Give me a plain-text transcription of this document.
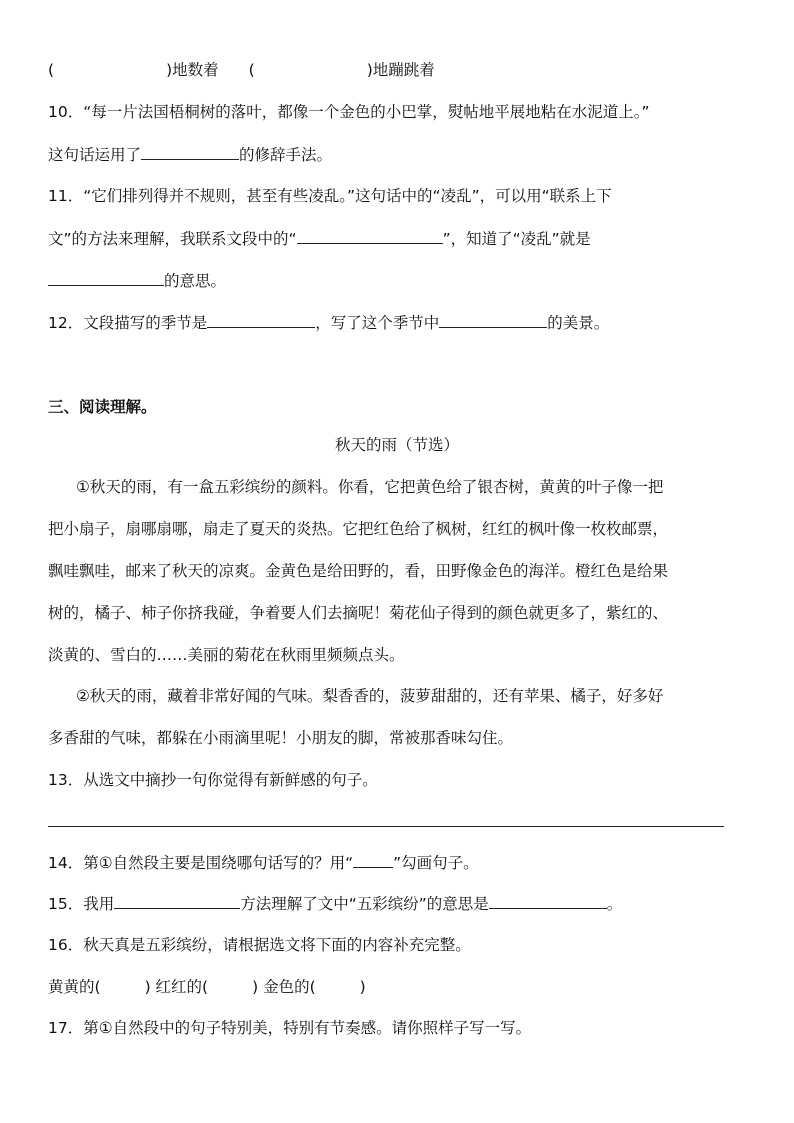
(	)地数着 (	)地蹦跳着
10．“每一片法国梧桐树的落叶，都像一个金色的小巴掌，熨帖地平展地粘在水泥道上。”
这句话运用了	的修辞手法。
11．“它们排列得并不规则，甚至有些凌乱。”这句话中的“凌乱”，可以用“联系上下
文”的方法来理解，我联系文段中的“	”，知道了“凌乱”就是
的意思。
12．文段描写的季节是	，写了这个季节中	的美景。
三、阅读理解。
秋天的雨（节选）
①秋天的雨，有一盒五彩缤纷的颜料。你看，它把黄色给了银杏树，黄黄的叶子像一把
把小扇子，扇哪扇哪，扇走了夏天的炎热。它把红色给了枫树，红红的枫叶像一枚枚邮票，
飘哇飘哇，邮来了秋天的凉爽。金黄色是给田野的，看，田野像金色的海洋。橙红色是给果
树的，橘子、柿子你挤我碰，争着要人们去摘呢！菊花仙子得到的颜色就更多了，紫红的、
淡黄的、雪白的……美丽的菊花在秋雨里频频点头。
②秋天的雨，藏着非常好闻的气味。梨香香的，菠萝甜甜的，还有苹果、橘子，好多好
多香甜的气味，都躲在小雨滴里呢！小朋友的脚，常被那香味勾住。
13．从选文中摘抄一句你觉得有新鲜感的句子。
14．第①自然段主要是围绕哪句话写的？用“	”勾画句子。
15．我用	方法理解了文中“五彩缤纷”的意思是	。
16．秋天真是五彩缤纷，请根据选文将下面的内容补充完整。
黄黄的(	) 红红的(	) 金色的(	)
17．第①自然段中的句子特别美，特别有节奏感。请你照样子写一写。
